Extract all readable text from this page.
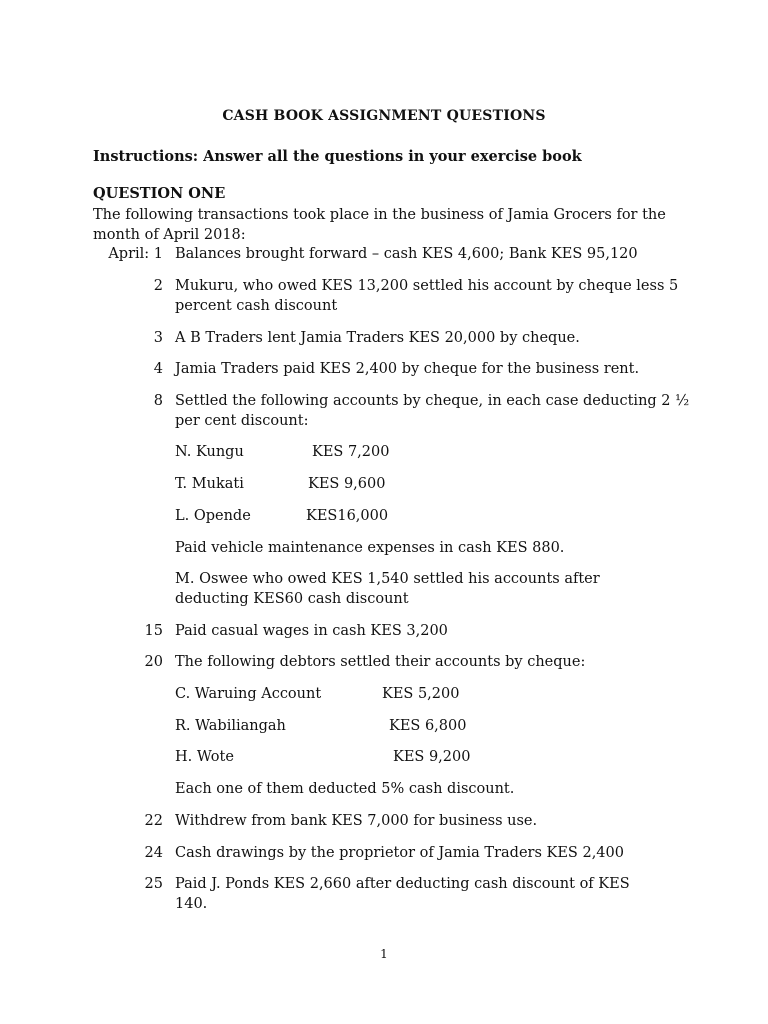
CASH BOOK ASSIGNMENT QUESTIONS
Instructions: Answer all the questions in your exercise book
QUESTION ONE
The following transactions took place in the business of Jamia Grocers for the month of April 2018:
April: 1 Balances brought forward – cash KES 4,600; Bank KES 95,120
2 Mukuru, who owed KES 13,200 settled his account by cheque less 5 percent cash discount
3 A B Traders lent Jamia Traders KES 20,000 by cheque.
4 Jamia Traders paid KES 2,400 by cheque for the business rent.
8 Settled the following accounts by cheque, in each case deducting 2 ½ per cent discount:
N. Kungu	KES 7,200
T. Mukati	KES 9,600
L. Opende	KES16,000
Paid vehicle maintenance expenses in cash KES 880.
M. Oswee who owed KES 1,540 settled his accounts after deducting KES60 cash discount
15 Paid casual wages in cash KES 3,200
20 The following debtors settled their accounts by cheque:
C. Waruing Account	KES 5,200
R. Wabiliangah	KES 6,800
H. Wote	KES 9,200
Each one of them deducted 5% cash discount.
22 Withdrew from bank KES 7,000 for business use.
24 Cash drawings by the proprietor of Jamia Traders KES 2,400
25 Paid J. Ponds KES 2,660 after deducting cash discount of KES 140.
1
